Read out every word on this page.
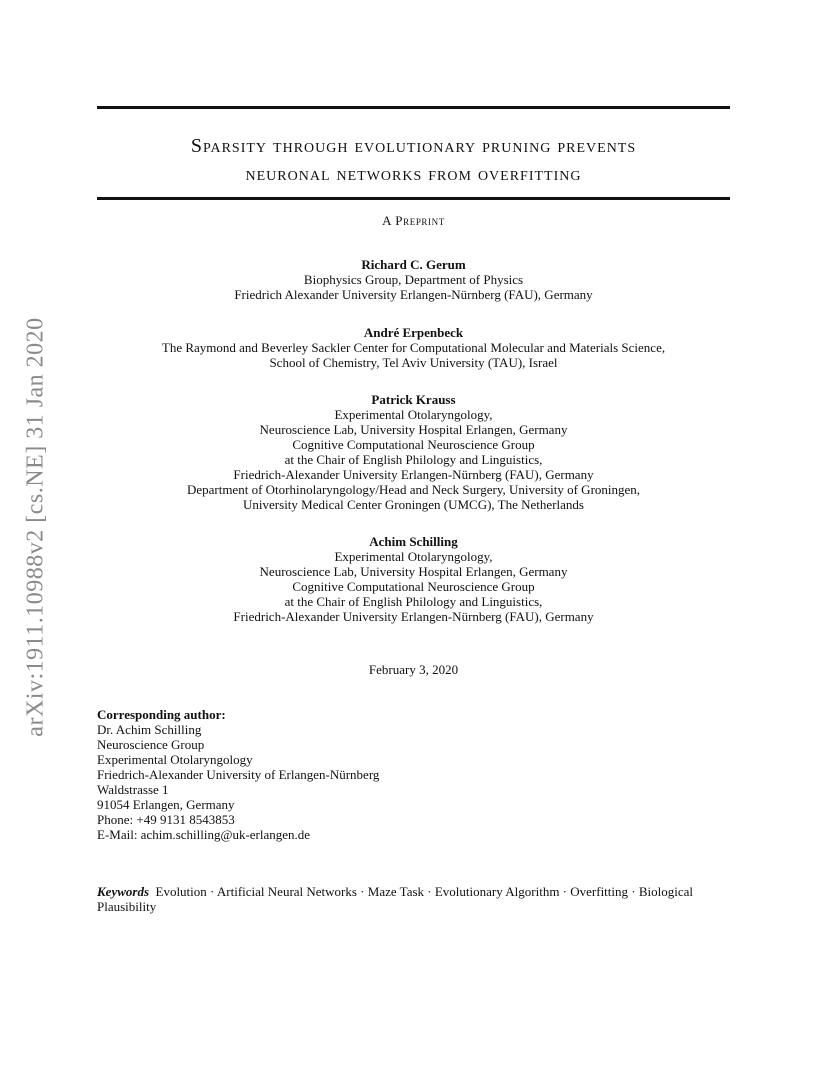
arXiv:1911.10988v2 [cs.NE] 31 Jan 2020
Sparsity through evolutionary pruning prevents
neuronal networks from overfitting
A Preprint
Richard C. Gerum
Biophysics Group, Department of Physics
Friedrich Alexander University Erlangen-Nürnberg (FAU), Germany
André Erpenbeck
The Raymond and Beverley Sackler Center for Computational Molecular and Materials Science,
School of Chemistry, Tel Aviv University (TAU), Israel
Patrick Krauss
Experimental Otolaryngology,
Neuroscience Lab, University Hospital Erlangen, Germany
Cognitive Computational Neuroscience Group
at the Chair of English Philology and Linguistics,
Friedrich-Alexander University Erlangen-Nürnberg (FAU), Germany
Department of Otorhinolaryngology/Head and Neck Surgery, University of Groningen,
University Medical Center Groningen (UMCG), The Netherlands
Achim Schilling
Experimental Otolaryngology,
Neuroscience Lab, University Hospital Erlangen, Germany
Cognitive Computational Neuroscience Group
at the Chair of English Philology and Linguistics,
Friedrich-Alexander University Erlangen-Nürnberg (FAU), Germany
February 3, 2020
Corresponding author:
Dr. Achim Schilling
Neuroscience Group
Experimental Otolaryngology
Friedrich-Alexander University of Erlangen-Nürnberg
Waldstrasse 1
91054 Erlangen, Germany
Phone: +49 9131 8543853
E-Mail: achim.schilling@uk-erlangen.de
Keywords Evolution · Artificial Neural Networks · Maze Task · Evolutionary Algorithm · Overfitting · Biological Plausibility
